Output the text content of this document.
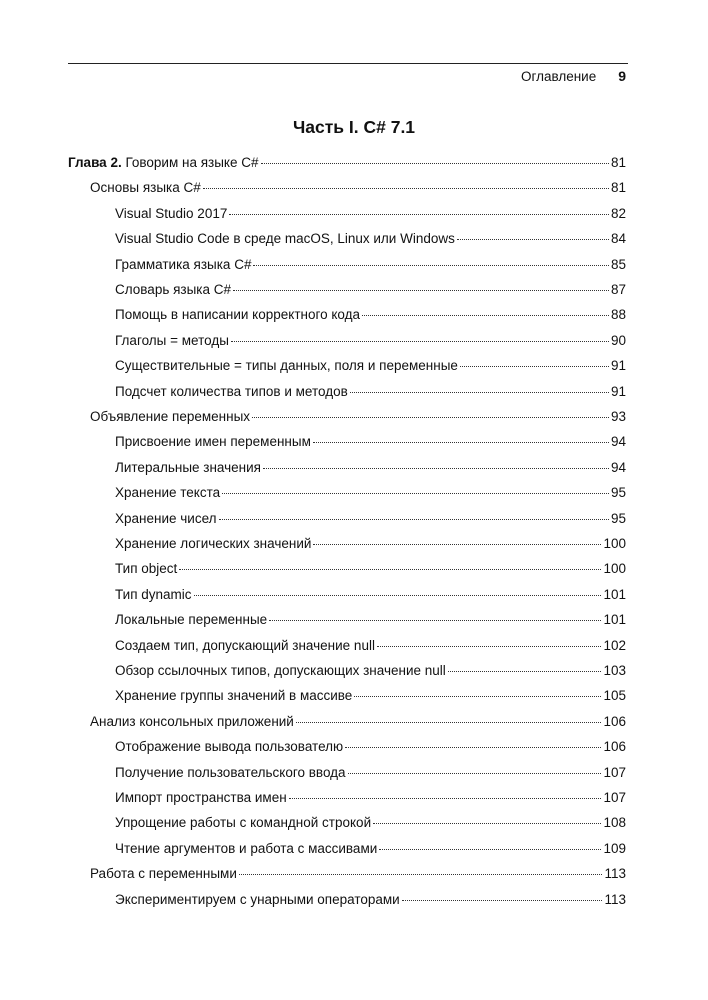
Оглавление 9
Часть I. C# 7.1
Глава 2. Говорим на языке C#	81
Основы языка C#	81
Visual Studio 2017	82
Visual Studio Code в среде macOS, Linux или Windows	84
Грамматика языка C#	85
Словарь языка C#	87
Помощь в написании корректного кода	88
Глаголы = методы	90
Существительные = типы данных, поля и переменные	91
Подсчет количества типов и методов	91
Объявление переменных	93
Присвоение имен переменным	94
Литеральные значения	94
Хранение текста	95
Хранение чисел	95
Хранение логических значений	100
Тип object	100
Тип dynamic	101
Локальные переменные	101
Создаем тип, допускающий значение null	102
Обзор ссылочных типов, допускающих значение null	103
Хранение группы значений в массиве	105
Анализ консольных приложений	106
Отображение вывода пользователю	106
Получение пользовательского ввода	107
Импорт пространства имен	107
Упрощение работы с командной строкой	108
Чтение аргументов и работа с массивами	109
Работа с переменными	113
Экспериментируем с унарными операторами	113
